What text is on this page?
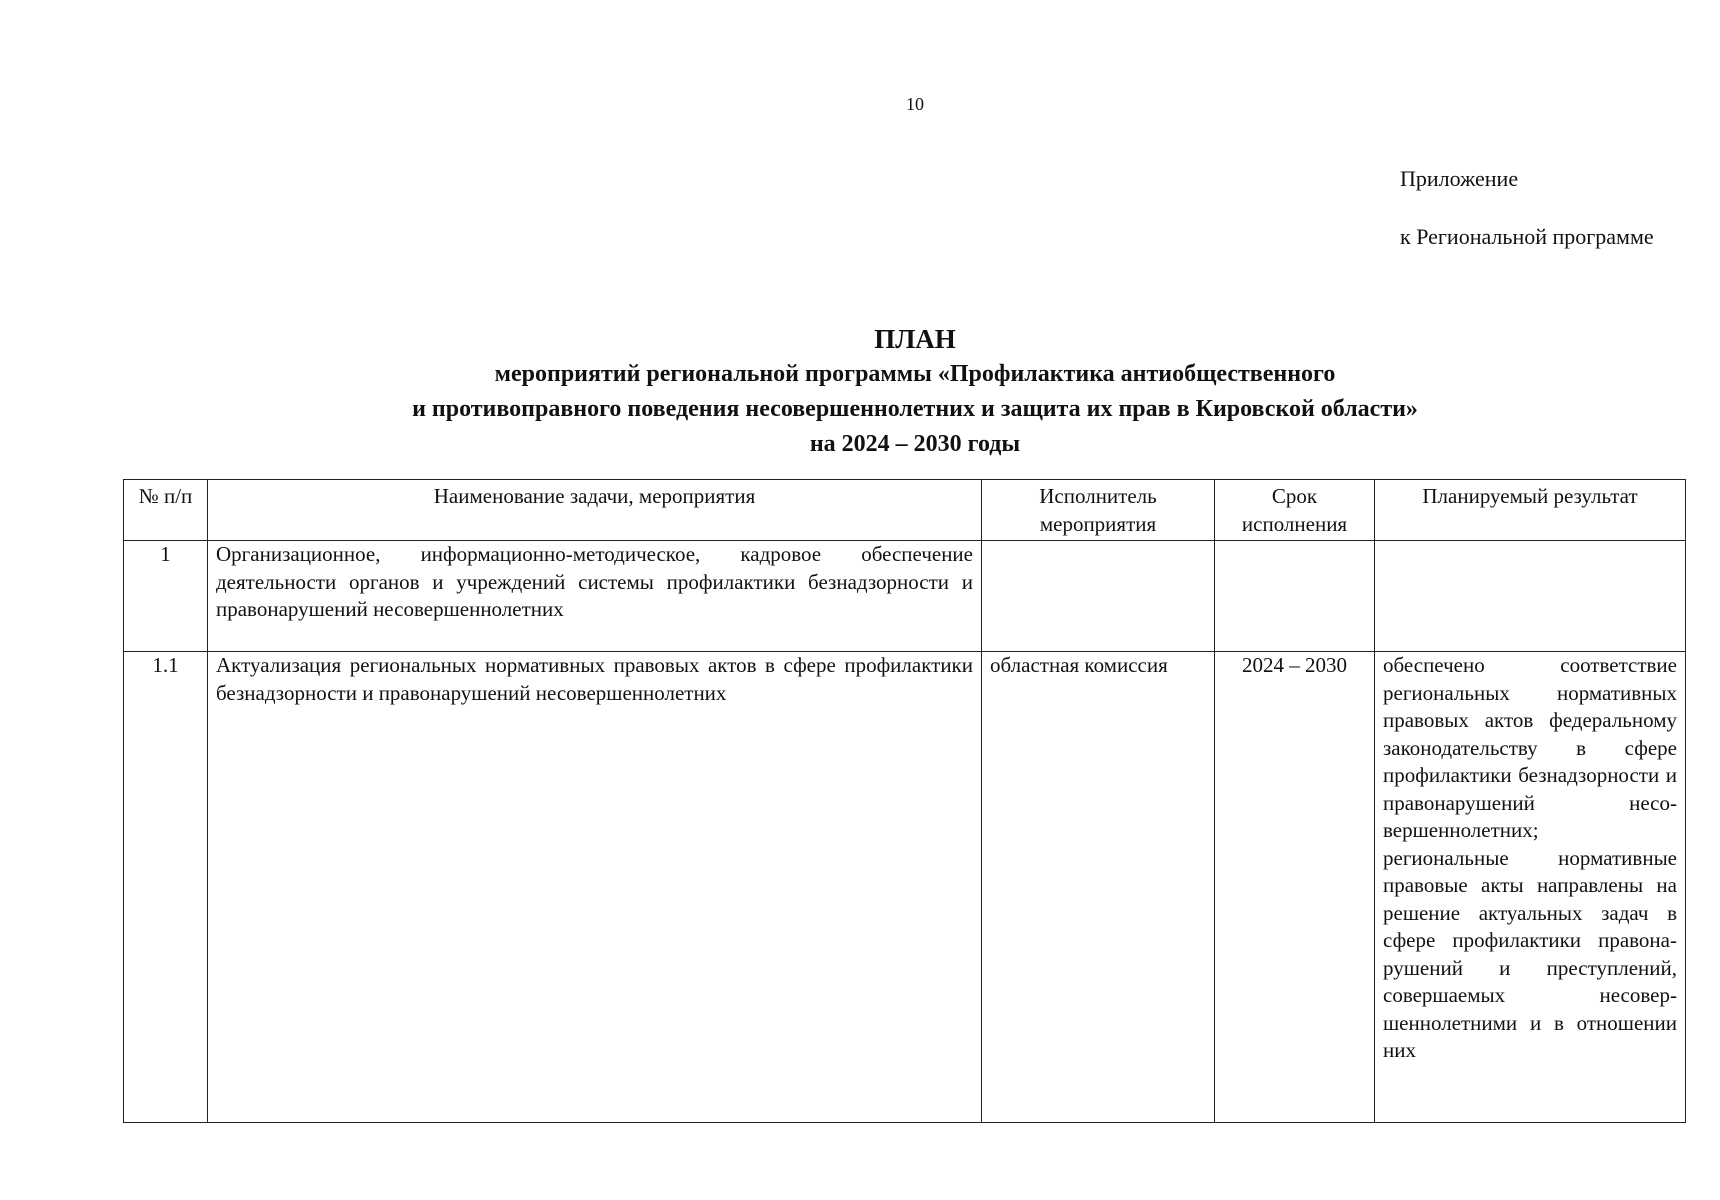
10
Приложение
к Региональной программе
ПЛАН
мероприятий региональной программы «Профилактика антиобщественного
и противоправного поведения несовершеннолетних и защита их прав в Кировской области»
на 2024 – 2030 годы
№ п/п	Наименование задачи, мероприятия	Исполнитель мероприятия	Срок исполнения	Планируемый результат
1	Организационное, информационно-методическое, кадровое обеспечение деятельности органов и учреждений системы профилактики безнадзорности и правонарушений несовершеннолетних			

1.1	Актуализация региональных нормативных правовых актов в сфере профилактики безнадзорности и правонарушений несовершеннолетних	областная комиссия	2024 – 2030	обеспечено соответствие региональных нормативных правовых актов федеральному законодательству в сфере профилактики безнадзорности и правонарушений несовершеннолетних;

региональные нормативные правовые акты направлены на решение актуальных задач в сфере профилактики правонарушений и преступлений, совершаемых несовершеннолетними и в отношении них
